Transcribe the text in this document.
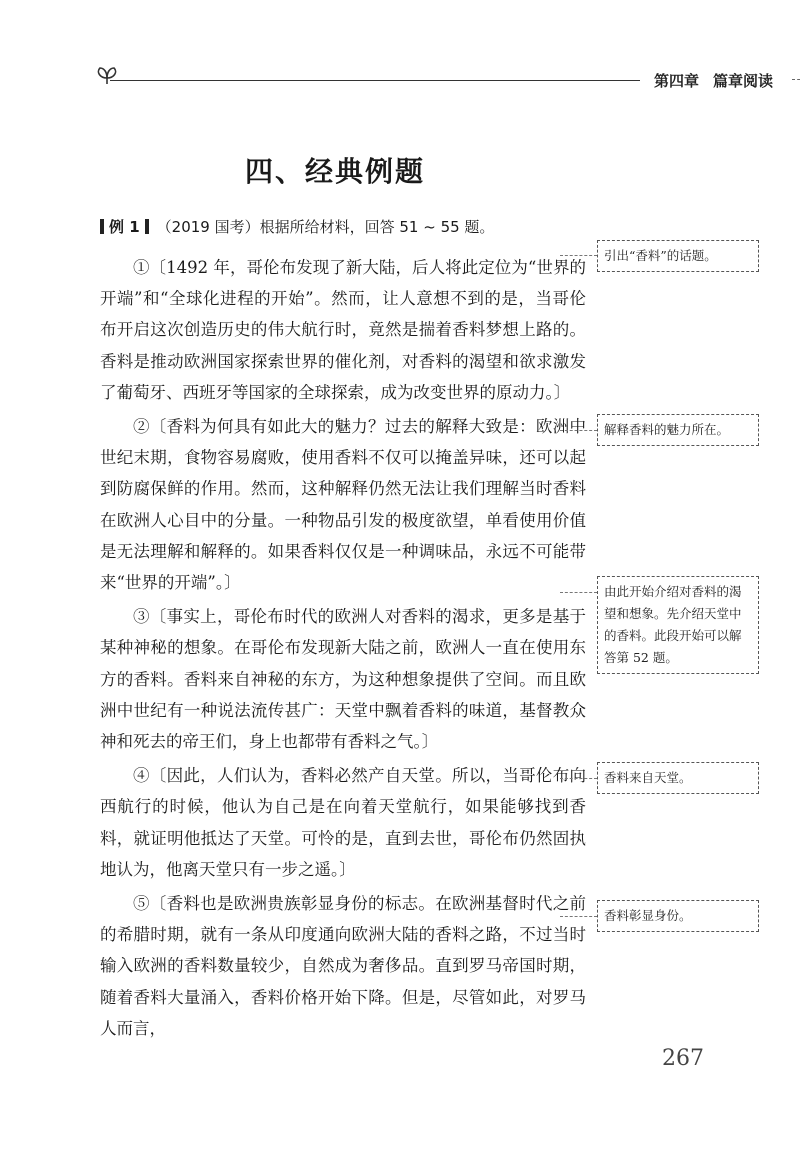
第四章 篇章阅读
四、经典例题
例 1 （2019 国考）根据所给材料，回答 51 ~ 55 题。

①〔1492 年，哥伦布发现了新大陆，后人将此定位为“世界的开端”和“全球化进程的开始”。然而，让人意想不到的是，当哥伦布开启这次创造历史的伟大航行时，竟然是揣着香料梦想上路的。香料是推动欧洲国家探索世界的催化剂，对香料的渴望和欲求激发了葡萄牙、西班牙等国家的全球探索，成为改变世界的原动力。〕

②〔香料为何具有如此大的魅力？过去的解释大致是：欧洲中世纪末期，食物容易腐败，使用香料不仅可以掩盖异味，还可以起到防腐保鲜的作用。然而，这种解释仍然无法让我们理解当时香料在欧洲人心目中的分量。一种物品引发的极度欲望，单看使用价值是无法理解和解释的。如果香料仅仅是一种调味品，永远不可能带来“世界的开端”。〕

③〔事实上，哥伦布时代的欧洲人对香料的渴求，更多是基于某种神秘的想象。在哥伦布发现新大陆之前，欧洲人一直在使用东方的香料。香料来自神秘的东方，为这种想象提供了空间。而且欧洲中世纪有一种说法流传甚广：天堂中飘着香料的味道，基督教众神和死去的帝王们，身上也都带有香料之气。〕

④〔因此，人们认为，香料必然产自天堂。所以，当哥伦布向西航行的时候，他认为自己是在向着天堂航行，如果能够找到香料，就证明他抵达了天堂。可怜的是，直到去世，哥伦布仍然固执地认为，他离天堂只有一步之遥。〕

⑤〔香料也是欧洲贵族彰显身份的标志。在欧洲基督时代之前的希腊时期，就有一条从印度通向欧洲大陆的香料之路，不过当时输入欧洲的香料数量较少，自然成为奢侈品。直到罗马帝国时期，随着香料大量涌入，香料价格开始下降。但是，尽管如此，对罗马人而言，

引出“香料”的话题。
解释香料的魅力所在。
由此开始介绍对香料的渴望和想象。先介绍天堂中的香料。此段开始可以解答第 52 题。
香料来自天堂。
香料彰显身份。
267
